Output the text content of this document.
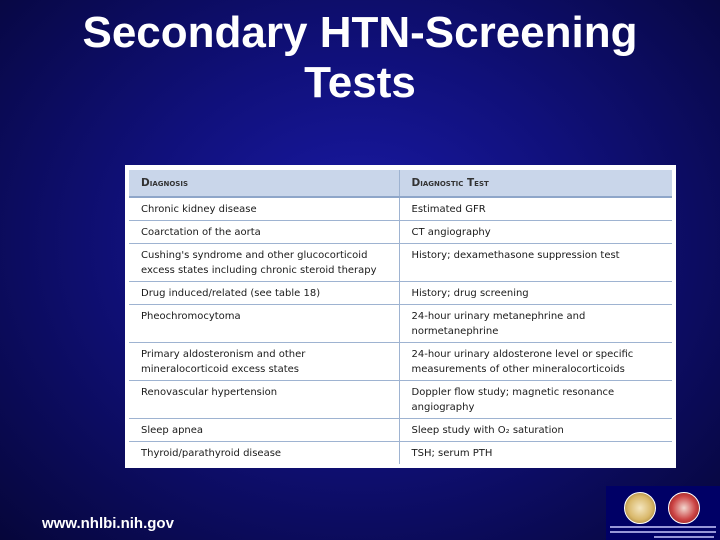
Secondary HTN-Screening
Tests
Diagnosis	Diagnostic Test
Chronic kidney disease	Estimated GFR
Coarctation of the aorta	CT angiography
Cushing's syndrome and other glucocorticoid excess states including chronic steroid therapy	History; dexamethasone suppression test
Drug induced/related (see table 18)	History; drug screening
Pheochromocytoma	24-hour urinary metanephrine and normetanephrine
Primary aldosteronism and other mineralocorticoid excess states	24-hour urinary aldosterone level or specific measurements of other mineralocorticoids
Renovascular hypertension	Doppler flow study; magnetic resonance angiography
Sleep apnea	Sleep study with O₂ saturation
Thyroid/parathyroid disease	TSH; serum PTH
www.nhlbi.nih.gov
